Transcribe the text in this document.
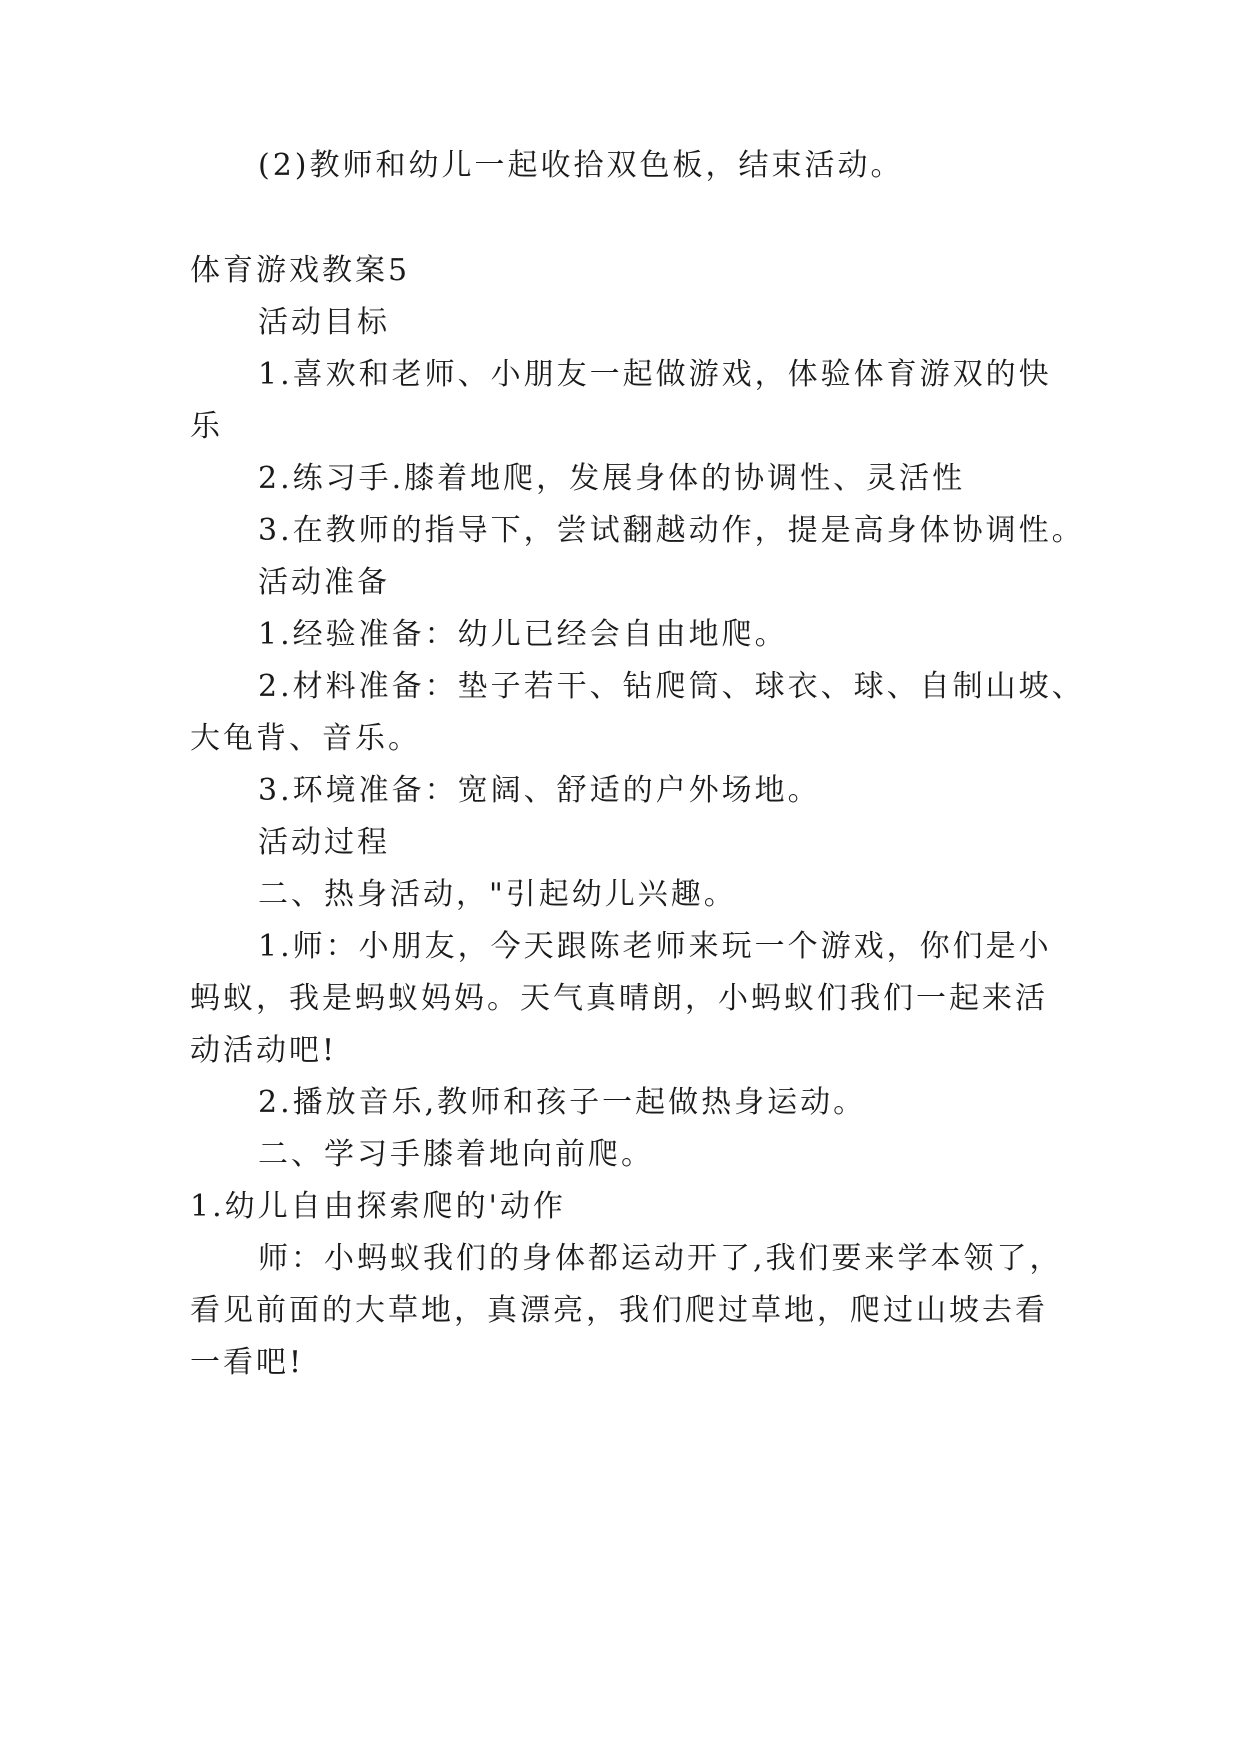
(2)教师和幼儿一起收拾双色板，结束活动。

体育游戏教案5

活动目标

1.喜欢和老师、小朋友一起做游戏，体验体育游双的快

乐

2.练习手.膝着地爬，发展身体的协调性、灵活性

3.在教师的指导下，尝试翻越动作，提是高身体协调性。

活动准备

1.经验准备：幼儿已经会自由地爬。

2.材料准备：垫子若干、钻爬筒、球衣、球、自制山坡、

大龟背、音乐。

3.环境准备：宽阔、舒适的户外场地。

活动过程

二、热身活动，"引起幼儿兴趣。

1.师：小朋友，今天跟陈老师来玩一个游戏，你们是小

蚂蚁，我是蚂蚁妈妈。天气真晴朗，小蚂蚁们我们一起来活

动活动吧!

2.播放音乐,教师和孩子一起做热身运动。

二、学习手膝着地向前爬。

1.幼儿自由探索爬的'动作

师：小蚂蚁我们的身体都运动开了,我们要来学本领了，

看见前面的大草地，真漂亮，我们爬过草地，爬过山坡去看

一看吧!
